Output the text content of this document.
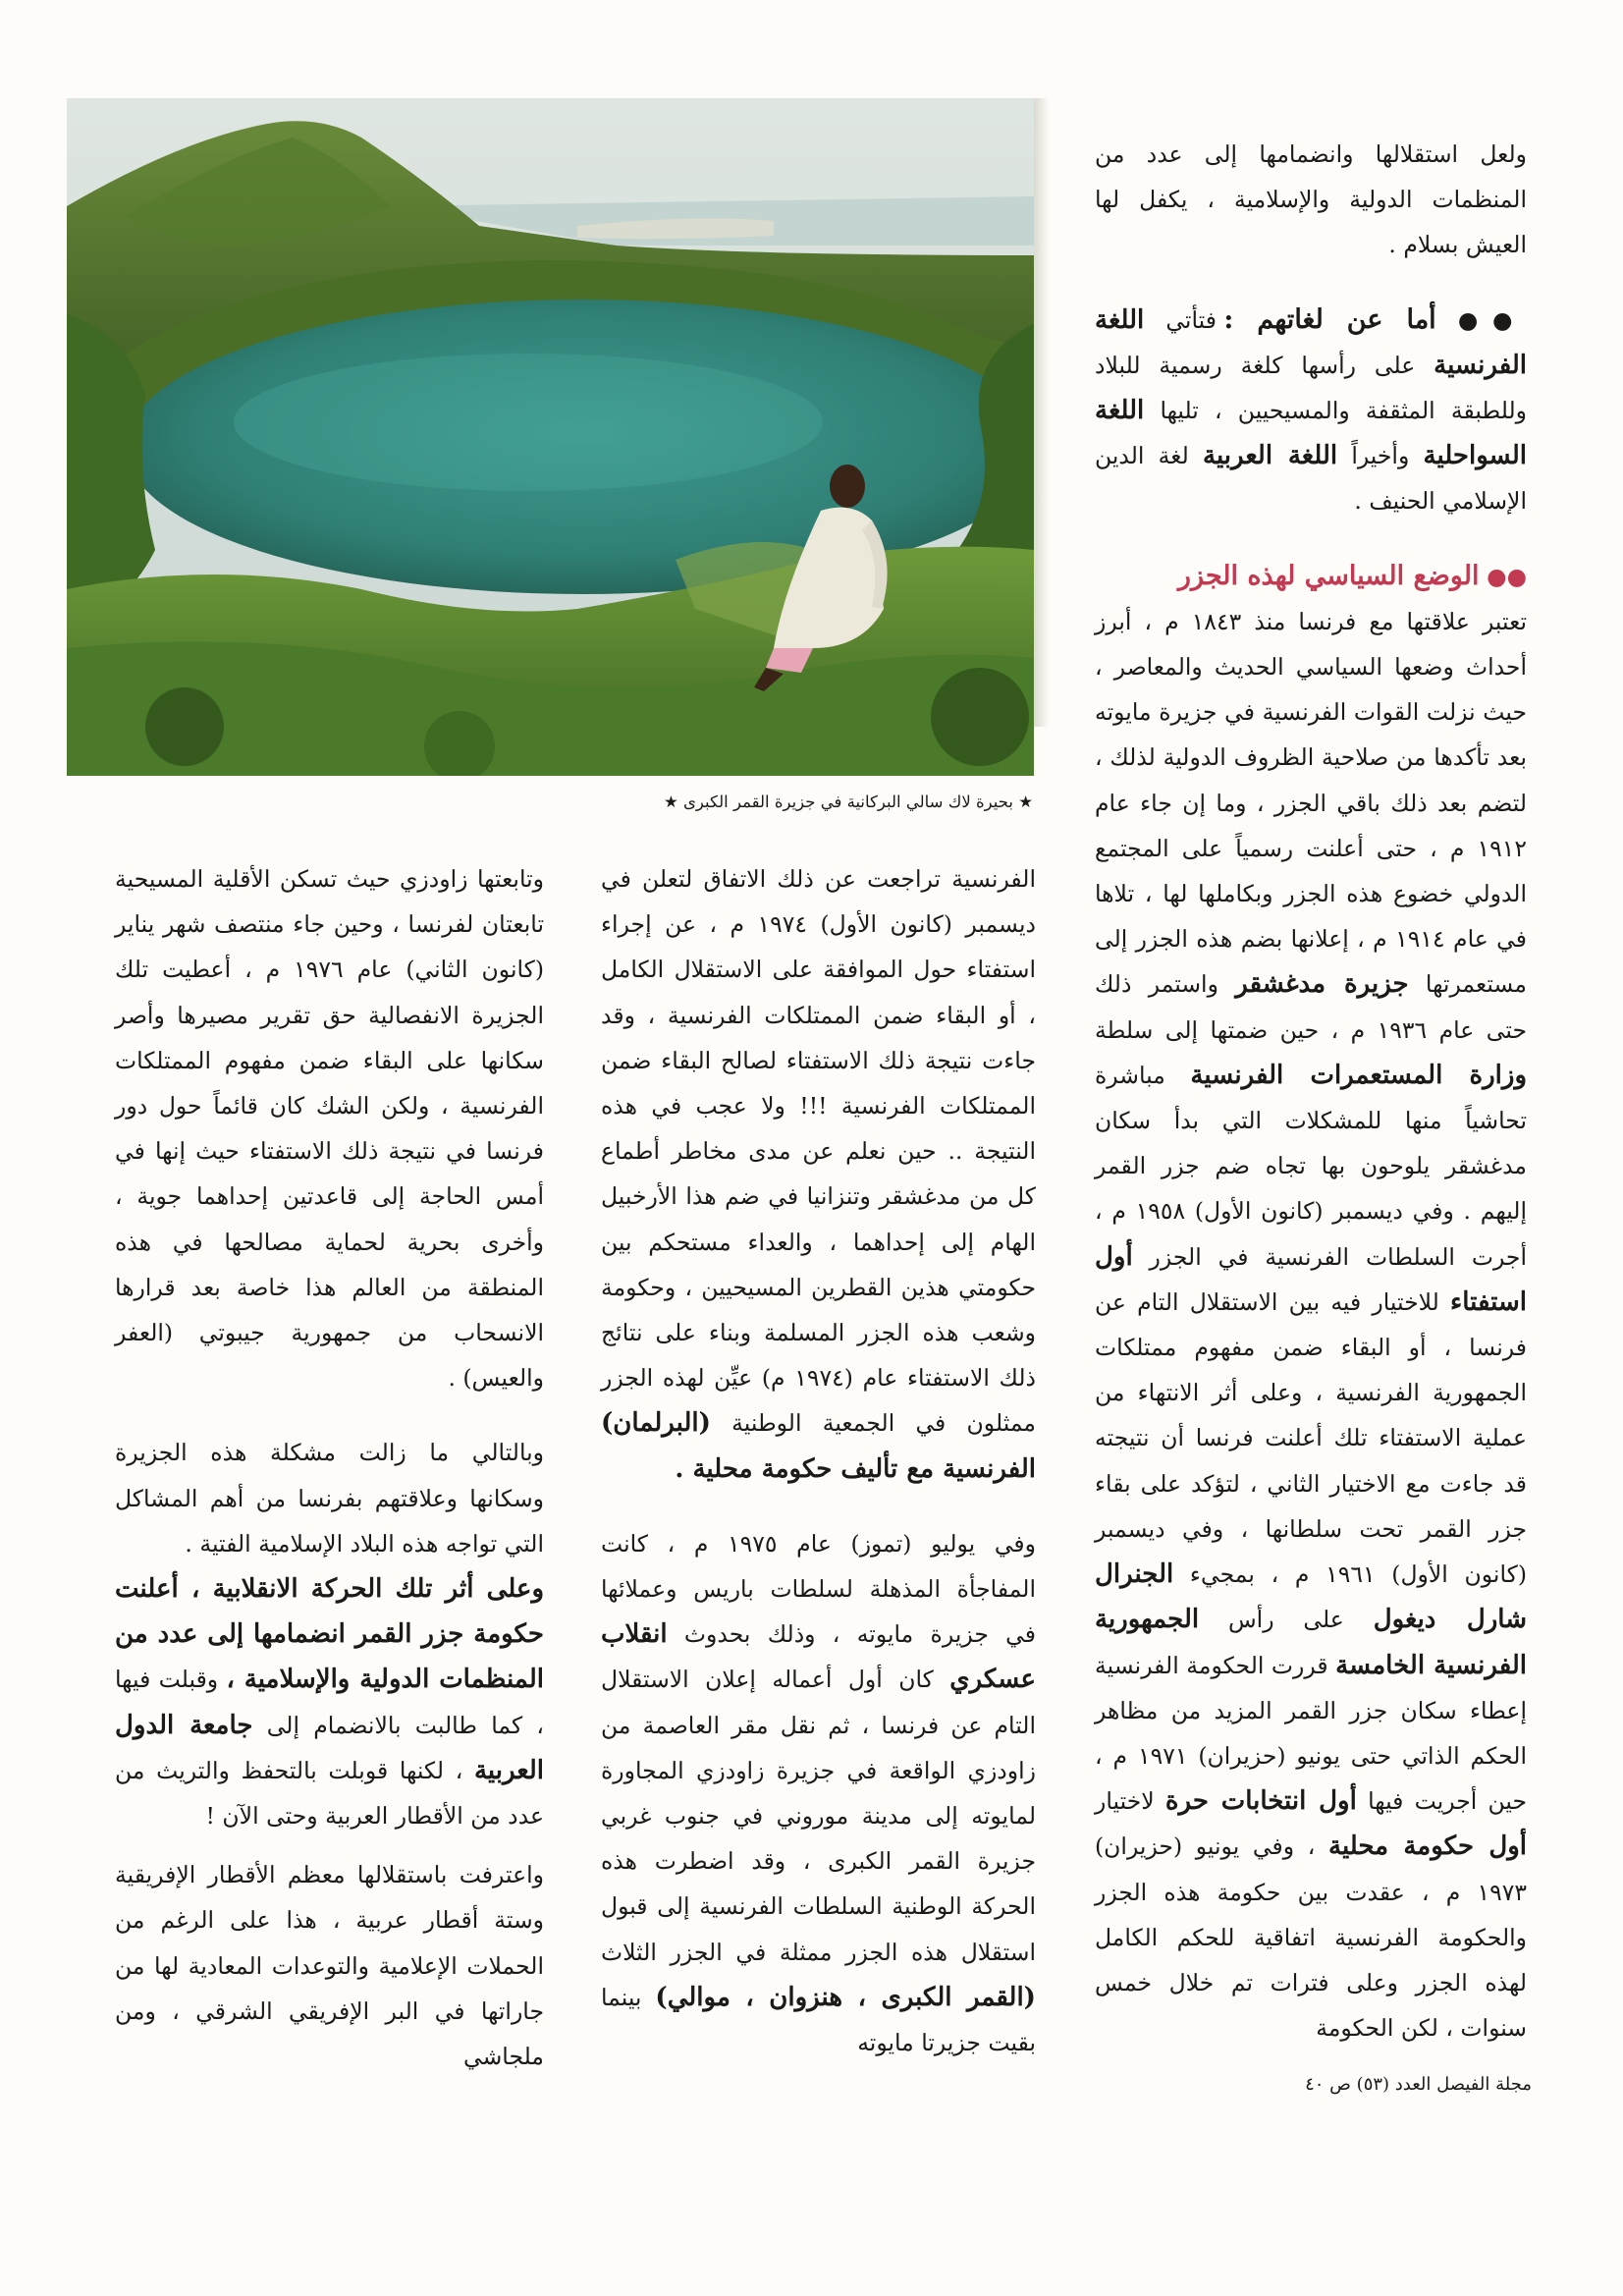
★ بحيرة لاك سالي البركانية في جزيرة القمر الكبرى ★

ولعل استقلالها وانضمامها إلى عدد من المنظمات الدولية والإسلامية ، يكفل لها العيش بسلام .

●● أما عن لغاتهم : فتأتي اللغة الفرنسية على رأسها كلغة رسمية للبلاد وللطبقة المثقفة والمسيحيين ، تليها اللغة السواحلية وأخيراً اللغة العربية لغة الدين الإسلامي الحنيف .

●● الوضع السياسي لهذه الجزر

تعتبر علاقتها مع فرنسا منذ ١٨٤٣ م ، أبرز أحداث وضعها السياسي الحديث والمعاصر ، حيث نزلت القوات الفرنسية في جزيرة مايوته بعد تأكدها من صلاحية الظروف الدولية لذلك ، لتضم بعد ذلك باقي الجزر ، وما إن جاء عام ١٩١٢ م ، حتى أعلنت رسمياً على المجتمع الدولي خضوع هذه الجزر وبكاملها لها ، تلاها في عام ١٩١٤ م ، إعلانها بضم هذه الجزر إلى مستعمرتها جزيرة مدغشقر واستمر ذلك حتى عام ١٩٣٦ م ، حين ضمتها إلى سلطة وزارة المستعمرات الفرنسية مباشرة تحاشياً منها للمشكلات التي بدأ سكان مدغشقر يلوحون بها تجاه ضم جزر القمر إليهم . وفي ديسمبر (كانون الأول) ١٩٥٨ م ، أجرت السلطات الفرنسية في الجزر أول استفتاء للاختيار فيه بين الاستقلال التام عن فرنسا ، أو البقاء ضمن مفهوم ممتلكات الجمهورية الفرنسية ، وعلى أثر الانتهاء من عملية الاستفتاء تلك أعلنت فرنسا أن نتيجته قد جاءت مع الاختيار الثاني ، لتؤكد على بقاء جزر القمر تحت سلطانها ، وفي ديسمبر (كانون الأول) ١٩٦١ م ، بمجيء الجنرال شارل ديغول على رأس الجمهورية الفرنسية الخامسة قررت الحكومة الفرنسية إعطاء سكان جزر القمر المزيد من مظاهر الحكم الذاتي حتى يونيو (حزيران) ١٩٧١ م ، حين أجريت فيها أول انتخابات حرة لاختيار أول حكومة محلية ، وفي يونيو (حزيران) ١٩٧٣ م ، عقدت بين حكومة هذه الجزر والحكومة الفرنسية اتفاقية للحكم الكامل لهذه الجزر وعلى فترات تم خلال خمس سنوات ، لكن الحكومة

الفرنسية تراجعت عن ذلك الاتفاق لتعلن في ديسمبر (كانون الأول) ١٩٧٤ م ، عن إجراء استفتاء حول الموافقة على الاستقلال الكامل ، أو البقاء ضمن الممتلكات الفرنسية ، وقد جاءت نتيجة ذلك الاستفتاء لصالح البقاء ضمن الممتلكات الفرنسية !!! ولا عجب في هذه النتيجة .. حين نعلم عن مدى مخاطر أطماع كل من مدغشقر وتنزانيا في ضم هذا الأرخبيل الهام إلى إحداهما ، والعداء مستحكم بين حكومتي هذين القطرين المسيحيين ، وحكومة وشعب هذه الجزر المسلمة وبناء على نتائج ذلك الاستفتاء عام (١٩٧٤ م) عيِّن لهذه الجزر ممثلون في الجمعية الوطنية (البرلمان) الفرنسية مع تأليف حكومة محلية .

وفي يوليو (تموز) عام ١٩٧٥ م ، كانت المفاجأة المذهلة لسلطات باريس وعملائها في جزيرة مايوته ، وذلك بحدوث انقلاب عسكري كان أول أعماله إعلان الاستقلال التام عن فرنسا ، ثم نقل مقر العاصمة من زاودزي الواقعة في جزيرة زاودزي المجاورة لمايوته إلى مدينة موروني في جنوب غربي جزيرة القمر الكبرى ، وقد اضطرت هذه الحركة الوطنية السلطات الفرنسية إلى قبول استقلال هذه الجزر ممثلة في الجزر الثلاث (القمر الكبرى ، هنزوان ، موالي) بينما بقيت جزيرتا مايوته

وتابعتها زاودزي حيث تسكن الأقلية المسيحية تابعتان لفرنسا ، وحين جاء منتصف شهر يناير (كانون الثاني) عام ١٩٧٦ م ، أعطيت تلك الجزيرة الانفصالية حق تقرير مصيرها وأصر سكانها على البقاء ضمن مفهوم الممتلكات الفرنسية ، ولكن الشك كان قائماً حول دور فرنسا في نتيجة ذلك الاستفتاء حيث إنها في أمس الحاجة إلى قاعدتين إحداهما جوية ، وأخرى بحرية لحماية مصالحها في هذه المنطقة من العالم هذا خاصة بعد قرارها الانسحاب من جمهورية جيبوتي (العفر والعيس) .

وبالتالي ما زالت مشكلة هذه الجزيرة وسكانها وعلاقتهم بفرنسا من أهم المشاكل التي تواجه هذه البلاد الإسلامية الفتية .

وعلى أثر تلك الحركة الانقلابية ، أعلنت حكومة جزر القمر انضمامها إلى عدد من المنظمات الدولية والإسلامية ، وقبلت فيها ، كما طالبت بالانضمام إلى جامعة الدول العربية ، لكنها قوبلت بالتحفظ والتريث من عدد من الأقطار العربية وحتى الآن !

واعترفت باستقلالها معظم الأقطار الإفريقية وستة أقطار عربية ، هذا على الرغم من الحملات الإعلامية والتوعدات المعادية لها من جاراتها في البر الإفريقي الشرقي ، ومن ملجاشي

مجلة الفيصل العدد (٥٣) ص ٤٠
